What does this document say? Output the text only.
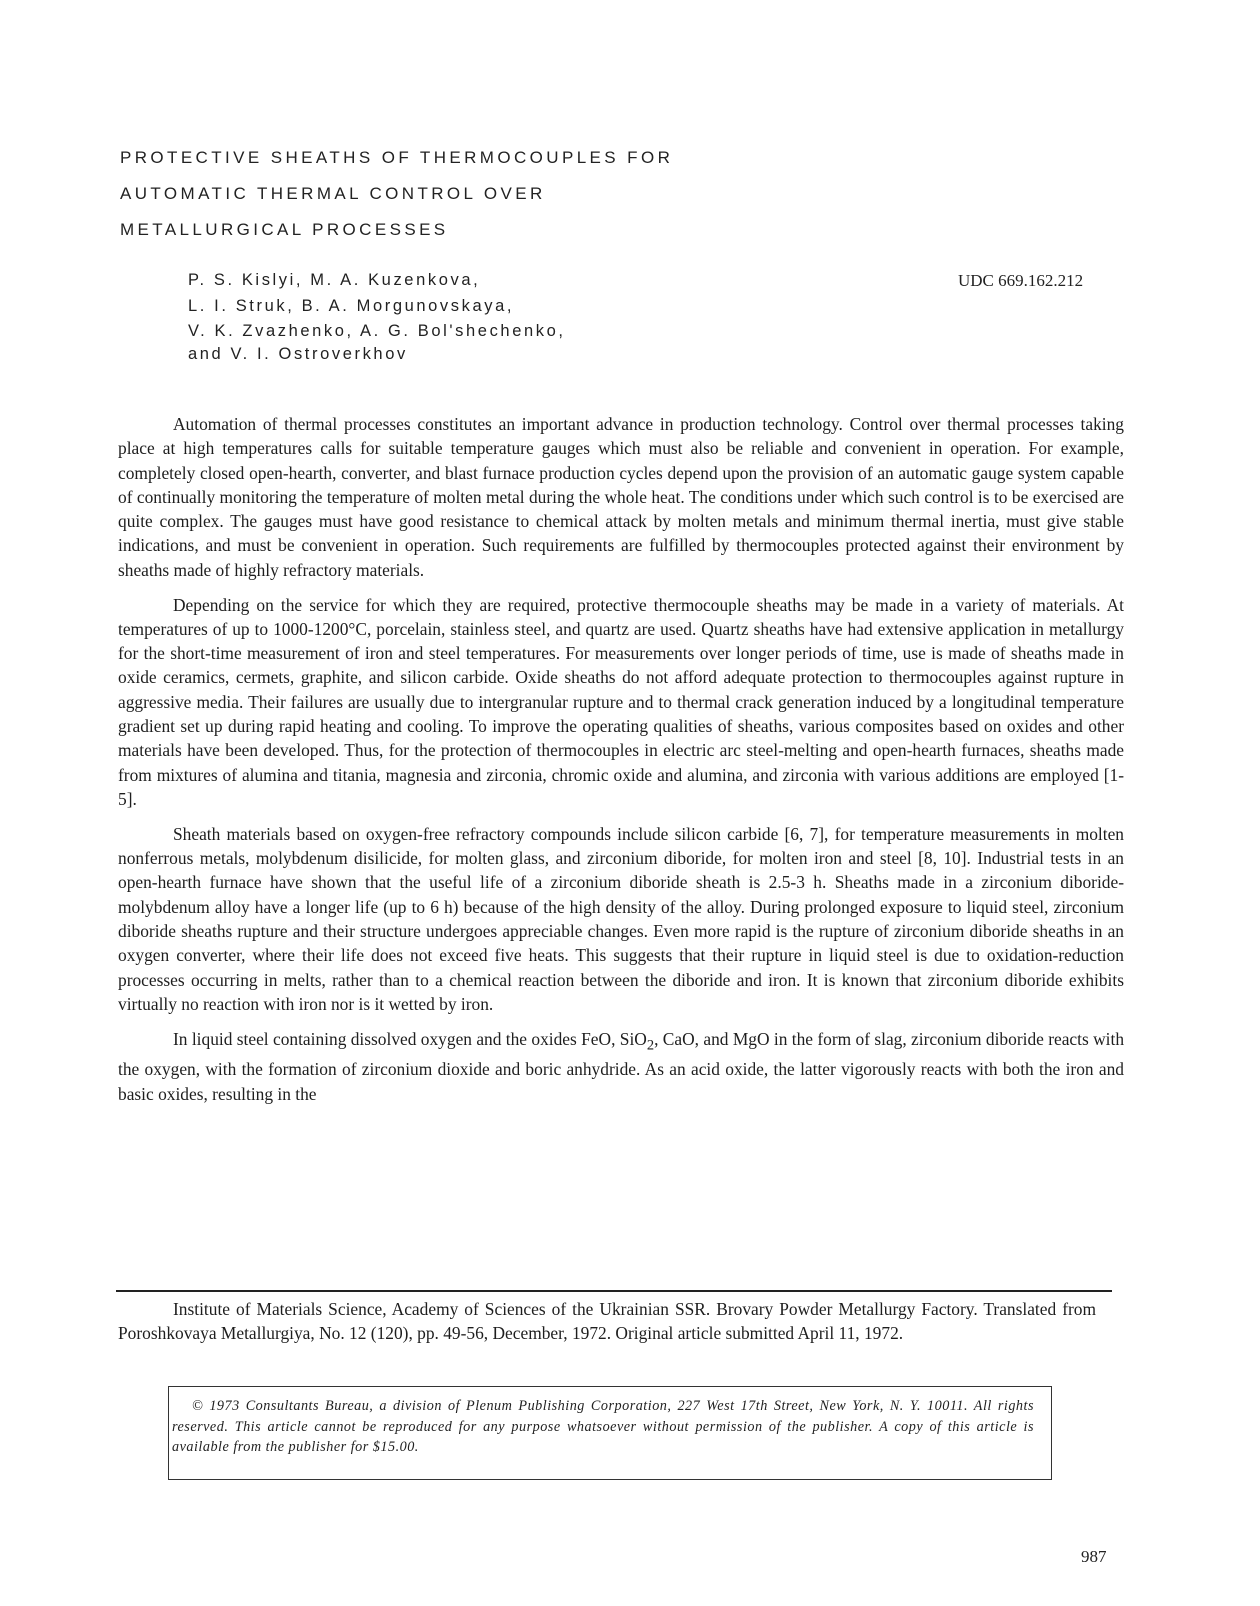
PROTECTIVE SHEATHS OF THERMOCOUPLES FOR
AUTOMATIC THERMAL CONTROL OVER
METALLURGICAL PROCESSES
P. S. Kislyi, M. A. Kuzenkova,
L. I. Struk, B. A. Morgunovskaya,
V. K. Zvazhenko, A. G. Bol'shechenko,
and V. I. Ostroverkhov
UDC 669.162.212

Automation of thermal processes constitutes an important advance in production technology. Control over thermal processes taking place at high temperatures calls for suitable temperature gauges which must also be reliable and convenient in operation. For example, completely closed open-hearth, converter, and blast furnace production cycles depend upon the provision of an automatic gauge system capable of continually monitoring the temperature of molten metal during the whole heat. The conditions under which such control is to be exercised are quite complex. The gauges must have good resistance to chemical attack by molten metals and minimum thermal inertia, must give stable indications, and must be convenient in operation. Such requirements are fulfilled by thermocouples protected against their environment by sheaths made of highly refractory materials.

Depending on the service for which they are required, protective thermocouple sheaths may be made in a variety of materials. At temperatures of up to 1000-1200°C, porcelain, stainless steel, and quartz are used. Quartz sheaths have had extensive application in metallurgy for the short-time measurement of iron and steel temperatures. For measurements over longer periods of time, use is made of sheaths made in oxide ceramics, cermets, graphite, and silicon carbide. Oxide sheaths do not afford adequate protection to thermocouples against rupture in aggressive media. Their failures are usually due to intergranular rupture and to thermal crack generation induced by a longitudinal temperature gradient set up during rapid heating and cooling. To improve the operating qualities of sheaths, various composites based on oxides and other materials have been developed. Thus, for the protection of thermocouples in electric arc steel-melting and open-hearth furnaces, sheaths made from mixtures of alumina and titania, magnesia and zirconia, chromic oxide and alumina, and zirconia with various additions are employed [1-5].

Sheath materials based on oxygen-free refractory compounds include silicon carbide [6, 7], for temperature measurements in molten nonferrous metals, molybdenum disilicide, for molten glass, and zirconium diboride, for molten iron and steel [8, 10]. Industrial tests in an open-hearth furnace have shown that the useful life of a zirconium diboride sheath is 2.5-3 h. Sheaths made in a zirconium diboride-molybdenum alloy have a longer life (up to 6 h) because of the high density of the alloy. During prolonged exposure to liquid steel, zirconium diboride sheaths rupture and their structure undergoes appreciable changes. Even more rapid is the rupture of zirconium diboride sheaths in an oxygen converter, where their life does not exceed five heats. This suggests that their rupture in liquid steel is due to oxidation-reduction processes occurring in melts, rather than to a chemical reaction between the diboride and iron. It is known that zirconium diboride exhibits virtually no reaction with iron nor is it wetted by iron.

In liquid steel containing dissolved oxygen and the oxides FeO, SiO$_2$, CaO, and MgO in the form of slag, zirconium diboride reacts with the oxygen, with the formation of zirconium dioxide and boric anhydride. As an acid oxide, the latter vigorously reacts with both the iron and basic oxides, resulting in the

Institute of Materials Science, Academy of Sciences of the Ukrainian SSR. Brovary Powder Metallurgy Factory. Translated from Poroshkovaya Metallurgiya, No. 12 (120), pp. 49-56, December, 1972. Original article submitted April 11, 1972.

© 1973 Consultants Bureau, a division of Plenum Publishing Corporation, 227 West 17th Street, New York, N. Y. 10011. All rights reserved. This article cannot be reproduced for any purpose whatsoever without permission of the publisher. A copy of this article is available from the publisher for $15.00.

987
